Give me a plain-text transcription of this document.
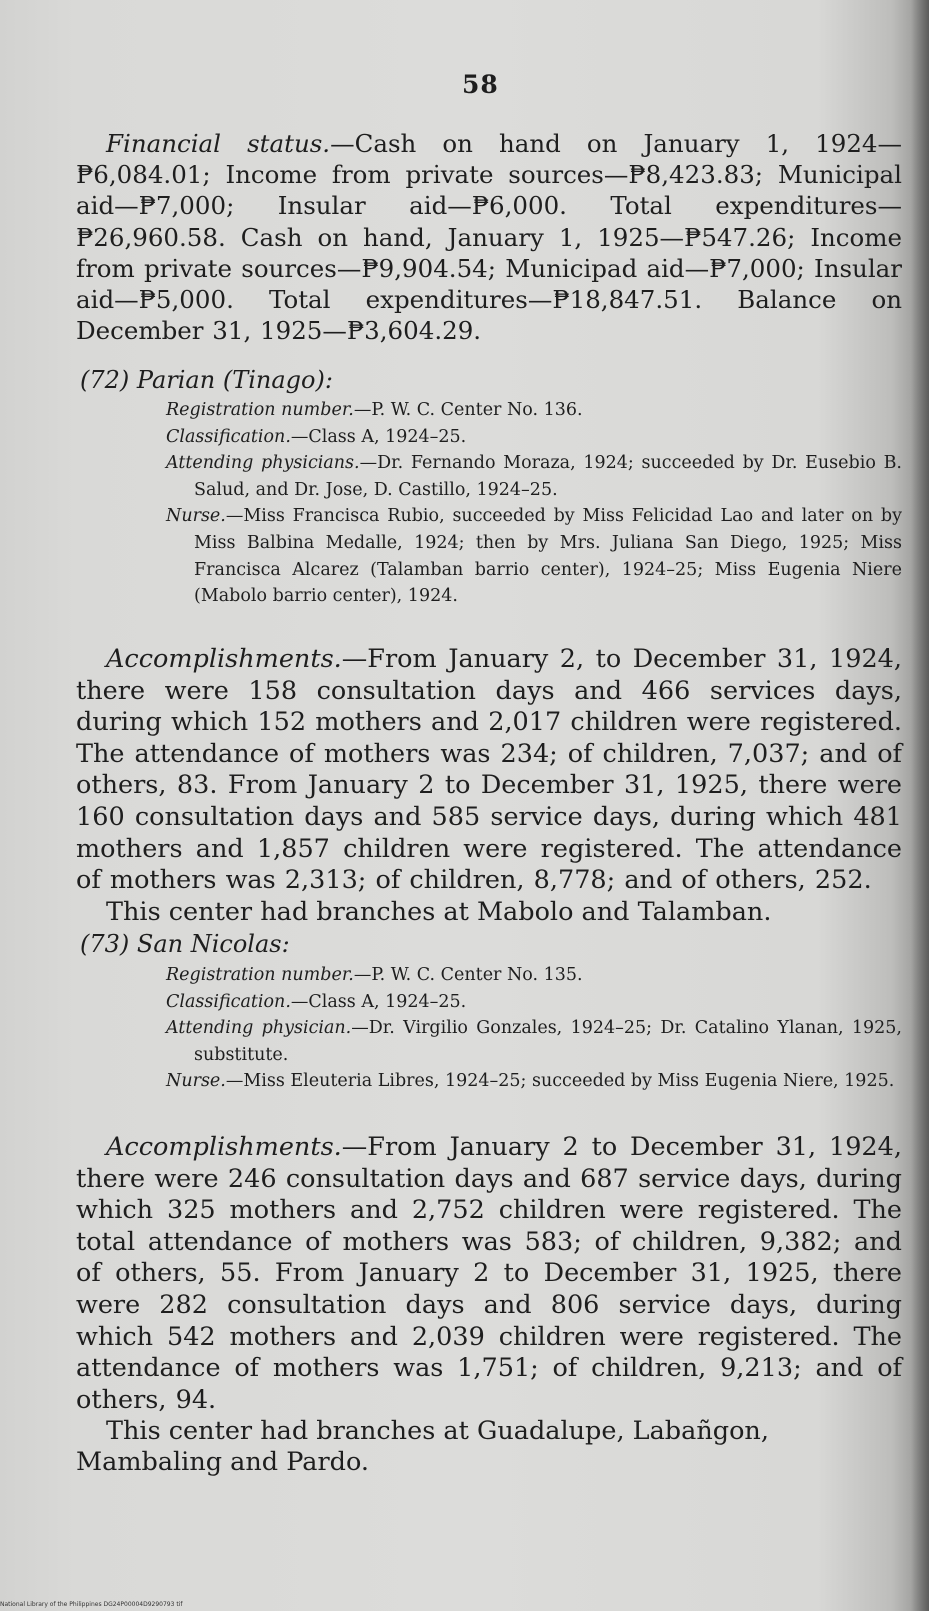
58

Financial status.—Cash on hand on January 1, 1924—₱6,084.01; Income from private sources—₱8,423.83; Municipal aid—₱7,000; Insular aid—₱6,000. Total expenditures—₱26,960.58. Cash on hand, January 1, 1925—₱547.26; Income from private sources—₱9,904.54; Municipad aid—₱7,000; Insular aid—₱5,000. Total expenditures—₱18,847.51. Balance on December 31, 1925—₱3,604.29.

(72) Parian (Tinago):

Registration number.—P. W. C. Center No. 136.

Classification.—Class A, 1924–25.

Attending physicians.—Dr. Fernando Moraza, 1924; succeeded by Dr. Eusebio B. Salud, and Dr. Jose, D. Castillo, 1924–25.

Nurse.—Miss Francisca Rubio, succeeded by Miss Felicidad Lao and later on by Miss Balbina Medalle, 1924; then by Mrs. Juliana San Diego, 1925; Miss Francisca Alcarez (Talamban barrio center), 1924–25; Miss Eugenia Niere (Mabolo barrio center), 1924.

Accomplishments.—From January 2, to December 31, 1924, there were 158 consultation days and 466 services days, during which 152 mothers and 2,017 children were registered. The attendance of mothers was 234; of children, 7,037; and of others, 83. From January 2 to December 31, 1925, there were 160 consultation days and 585 service days, during which 481 mothers and 1,857 children were registered. The attendance of mothers was 2,313; of children, 8,778; and of others, 252.

This center had branches at Mabolo and Talamban.

(73) San Nicolas:

Registration number.—P. W. C. Center No. 135.

Classification.—Class A, 1924–25.

Attending physician.—Dr. Virgilio Gonzales, 1924–25; Dr. Catalino Ylanan, 1925, substitute.

Nurse.—Miss Eleuteria Libres, 1924–25; succeeded by Miss Eugenia Niere, 1925.

Accomplishments.—From January 2 to December 31, 1924, there were 246 consultation days and 687 service days, during which 325 mothers and 2,752 children were registered. The total attendance of mothers was 583; of children, 9,382; and of others, 55. From January 2 to December 31, 1925, there were 282 consultation days and 806 service days, during which 542 mothers and 2,039 children were registered. The attendance of mothers was 1,751; of children, 9,213; and of others, 94.

This center had branches at Guadalupe, Labañgon, Mambaling and Pardo.

National Library of the Philippines DG24P00004D9290793 tif
